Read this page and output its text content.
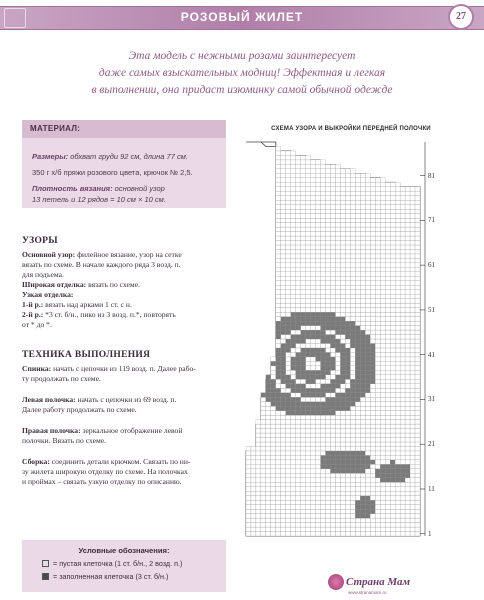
РОЗОВЫЙ ЖИЛЕТ	27
Эта модель с нежными розами заинтересует
даже самых взыскательных модниц! Эффектная и легкая
в выполнении, она придаст изюминку самой обычной одежде
МАТЕРИАЛ:
Размеры: обхват груди 92 см, длина 77 см.
350 г х/б пряжи розового цвета, крючок № 2,5.
Плотность вязания: основной узор
13 петель и 12 рядов = 10 см × 10 см.
УЗОРЫ
Основной узор: филейное вязание, узор на сетке
вязать по схеме. В начале каждого ряда 3 возд. п.
для подъема.
Широкая отделка: вязать по схеме.
Узкая отделка:
1-й р.: вязать над арками 1 ст. с н.
2-й р.: *3 ст. б/н., пико из 3 возд. п.*, повторять
от * до *.
ТЕХНИКА ВЫПОЛНЕНИЯ
Спинка: начать с цепочки из 119 возд. п. Далее рабо-
ту продолжать по схеме.
Левая полочка: начать с цепочки из 69 возд. п.
Далее работу продолжать по схеме.
Правая полочка: зеркальное отображение левой
полочки. Вязать по схеме.
Сборка: соединить детали крючком. Связать по ни-
зу жилета широкую отделку по схеме. На полочках
и проймах – связать узкую отделку по описанию.
Условные обозначения:
= пустая клеточка (1 ст. б/н., 2 возд. п.)
= заполненная клеточка (3 ст. б/н.)
СХЕМА УЗОРА И ВЫКРОЙКИ ПЕРЕДНЕЙ ПОЛОЧКИ
81
71
61
51
41
31
21
11
1
Страна Мам
www.stranamam.ru
